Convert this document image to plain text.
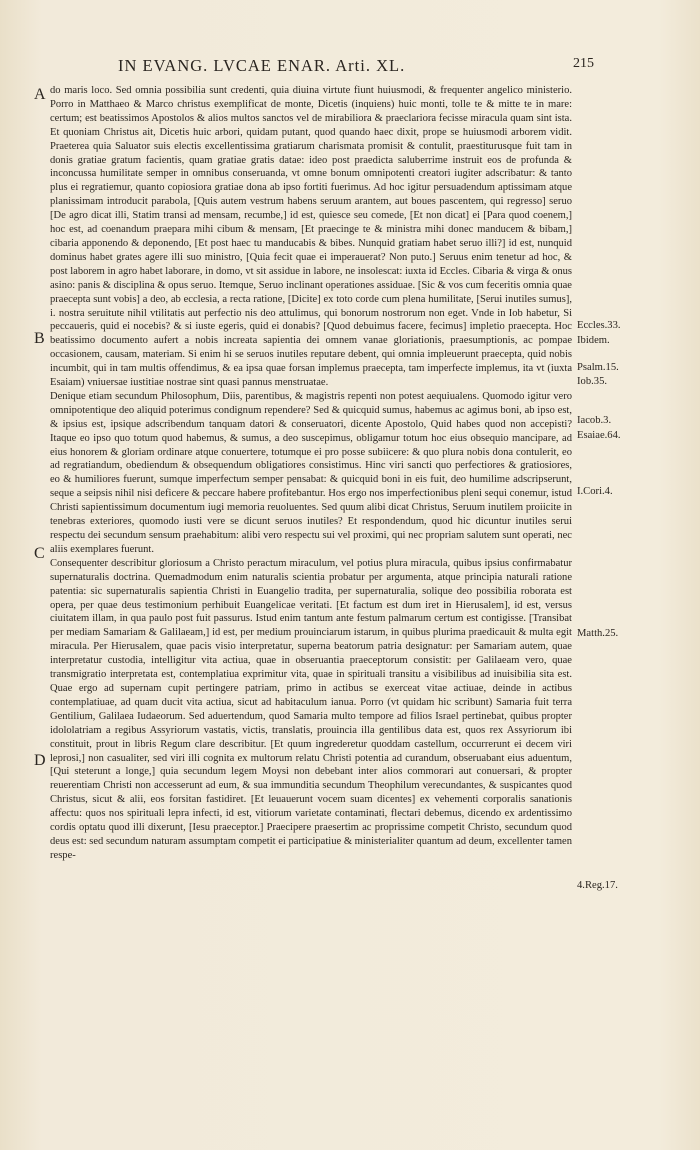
IN EVANG. LVCAE ENAR. Arti. XL.	215
A
B
C
D
Eccles.33.
Ibidem.
Psalm.15.
Iob.35.
Iacob.3.
Esaiae.64.
I.Cori.4.
Matth.25.
4.Reg.17.

do maris loco. Sed omnia possibilia sunt credenti, quia diuina virtute fiunt huiusmodi, & frequenter angelico ministerio. Porro in Matthaeo & Marco christus exemplificat de monte, Dicetis (inquiens) huic monti, tolle te & mitte te in mare: certum; est beatissimos Apostolos & alios multos sanctos vel de mirabiliora & praeclariora fecisse miracula quam sint ista. Et quoniam Christus ait, Dicetis huic arbori, quidam putant, quod quando haec dixit, prope se huiusmodi arborem vidit. Praeterea quia Saluator suis electis excellentissima gratiarum charismata promisit & contulit, praestiturusque fuit tam in donis gratiae gratum facientis, quam gratiae gratis datae: ideo post praedicta saluberrime instruit eos de profunda & inconcussa humilitate semper in omnibus conseruanda, vt omne bonum omnipotenti creatori iugiter adscribatur: & tanto plus ei regratiemur, quanto copiosiora gratiae dona ab ipso fortiti fuerimus. Ad hoc igitur persuadendum aptissimam atque planissimam introducit parabola, [Quis autem vestrum habens seruum arantem, aut boues pascentem, qui regresso] seruo [De agro dicat illi, Statim transi ad mensam, recumbe,] id est, quiesce seu comede, [Et non dicat] ei [Para quod coenem,] hoc est, ad coenandum praepara mihi cibum & mensam, [Et praecinge te & ministra mihi donec manducem & bibam,] cibaria apponendo & deponendo, [Et post haec tu manducabis & bibes. Nunquid gratiam habet seruo illi?] id est, nunquid dominus habet grates agere illi suo ministro, [Quia fecit quae ei imperauerat? Non puto.] Seruus enim tenetur ad hoc, & post laborem in agro habet laborare, in domo, vt sit assidue in labore, ne insolescat: iuxta id Eccles. Cibaria & virga & onus asino: panis & disciplina & opus seruo. Itemque, Seruo inclinant operationes assiduae. [Sic & vos cum feceritis omnia quae praecepta sunt vobis] a deo, ab ecclesia, a recta ratione, [Dicite] ex toto corde cum plena humilitate, [Serui inutiles sumus], i. nostra seruitute nihil vtilitatis aut perfectio nis deo attulimus, qui bonorum nostrorum non eget. Vnde in Iob habetur, Si peccaueris, quid ei nocebis? & si iuste egeris, quid ei donabis? [Quod debuimus facere, fecimus] impletio praecepta. Hoc beatissimo documento aufert a nobis increata sapientia dei omnem vanae gloriationis, praesumptionis, ac pompae occasionem, causam, materiam. Si enim hi se seruos inutiles reputare debent, qui omnia impleuerunt praecepta, quid nobis incumbit, qui in tam multis offendimus, & ea ipsa quae forsan implemus praecepta, tam imperfecte implemus, ita vt (iuxta Esaiam) vniuersae iustitiae nostrae sint quasi pannus menstruatae.

Denique etiam secundum Philosophum, Diis, parentibus, & magistris repenti non potest aequiualens. Quomodo igitur vero omnipotentique deo aliquid poterimus condignum rependere? Sed & quicquid sumus, habemus ac agimus boni, ab ipso est, & ipsius est, ipsique adscribendum tanquam datori & conseruatori, dicente Apostolo, Quid habes quod non accepisti? Itaque eo ipso quo totum quod habemus, & sumus, a deo suscepimus, obligamur totum hoc eius obsequio mancipare, ad eius honorem & gloriam ordinare atque conuertere, totumque ei pro posse subiicere: & quo plura nobis dona contulerit, eo ad regratiandum, obediendum & obsequendum obligatiores consistimus. Hinc viri sancti quo perfectiores & gratiosiores, eo & humiliores fuerunt, sumque imperfectum semper pensabat: & quicquid boni in eis fuit, deo humilime adscripserunt, seque a seipsis nihil nisi deficere & peccare habere profitebantur. Hos ergo nos imperfectionibus pleni sequi conemur, istud Christi sapientissimum documentum iugi memoria reuoluentes. Sed quum alibi dicat Christus, Seruum inutilem proiicite in tenebras exteriores, quomodo iusti vere se dicunt seruos inutiles? Et respondendum, quod hic dicuntur inutiles serui respectu dei secundum sensum praehabitum: alibi vero respectu sui vel proximi, qui nec propriam salutem sunt operati, nec aliis exemplares fuerunt.

Consequenter describitur gloriosum a Christo peractum miraculum, vel potius plura miracula, quibus ipsius confirmabatur supernaturalis doctrina. Quemadmodum enim naturalis scientia probatur per argumenta, atque principia naturali ratione patentia: sic supernaturalis sapientia Christi in Euangelio tradita, per supernaturalia, solique deo possibilia roborata est operа, per quae deus testimonium perhibuit Euangelicae veritati. [Et factum est dum iret in Hierusalem], id est, versus ciuitatem illam, in qua paulo post fuit passurus. Istud enim tantum ante festum palmarum certum est contigisse. [Transibat per mediam Samariam & Galilaeam,] id est, per medium prouinciarum istarum, in quibus plurima praedicauit & multa egit miracula. Per Hierusalem, quae pacis visio interpretatur, superna beatorum patria designatur: per Samariam autem, quae interpretatur custodia, intelligitur vita actiua, quae in obseruantia praeceptorum consistit: per Galilaeam vero, quae transmigratio interpretata est, contemplatiua exprimitur vita, quae in spirituali transitu a visibilibus ad inuisibilia sita est. Quae ergo ad supernam cupit pertingere patriam, primo in actibus se exerceat vitae actiuae, deinde in actibus contemplatiuae, ad quam ducit vita actiua, sicut ad habitaculum ianua. Porro (vt quidam hic scribunt) Samaria fuit terra Gentilium, Galilaea Iudaeorum. Sed aduertendum, quod Samaria multo tempore ad filios Israel pertinebat, quibus propter idololatriam a regibus Assyriorum vastatis, victis, translatis, prouincia illa gentilibus data est, quos rex Assyriorum ibi constituit, prout in libris Regum clare describitur. [Et quum ingrederetur quoddam castellum, occurrerunt ei decem viri leprosi,] non casualiter, sed viri illi cognita ex multorum relatu Christi potentia ad curandum, obseruabant eius aduentum, [Qui steterunt a longe,] quia secundum legem Moysi non debebant inter alios commorari aut conuersari, & propter reuerentiam Christi non accesserunt ad eum, & sua immunditia secundum Theophilum verecundantes, & suspicantes quod Christus, sicut & alii, eos forsitan fastidiret. [Et leuauerunt vocem suam dicentes] ex vehementi corporalis sanationis affectu: quos nos spirituali lepra infecti, id est, vitiorum varietate contaminati, flectari debemus, dicendo ex ardentissimo cordis optatu quod illi dixerunt, [Iesu praeceptor.] Praecipere praesertim ac proprissime competit Christo, secundum quod deus est: sed secundum naturam assumptam competit ei participatiue & ministerialiter quantum ad deum, excellenter tamen respe-
